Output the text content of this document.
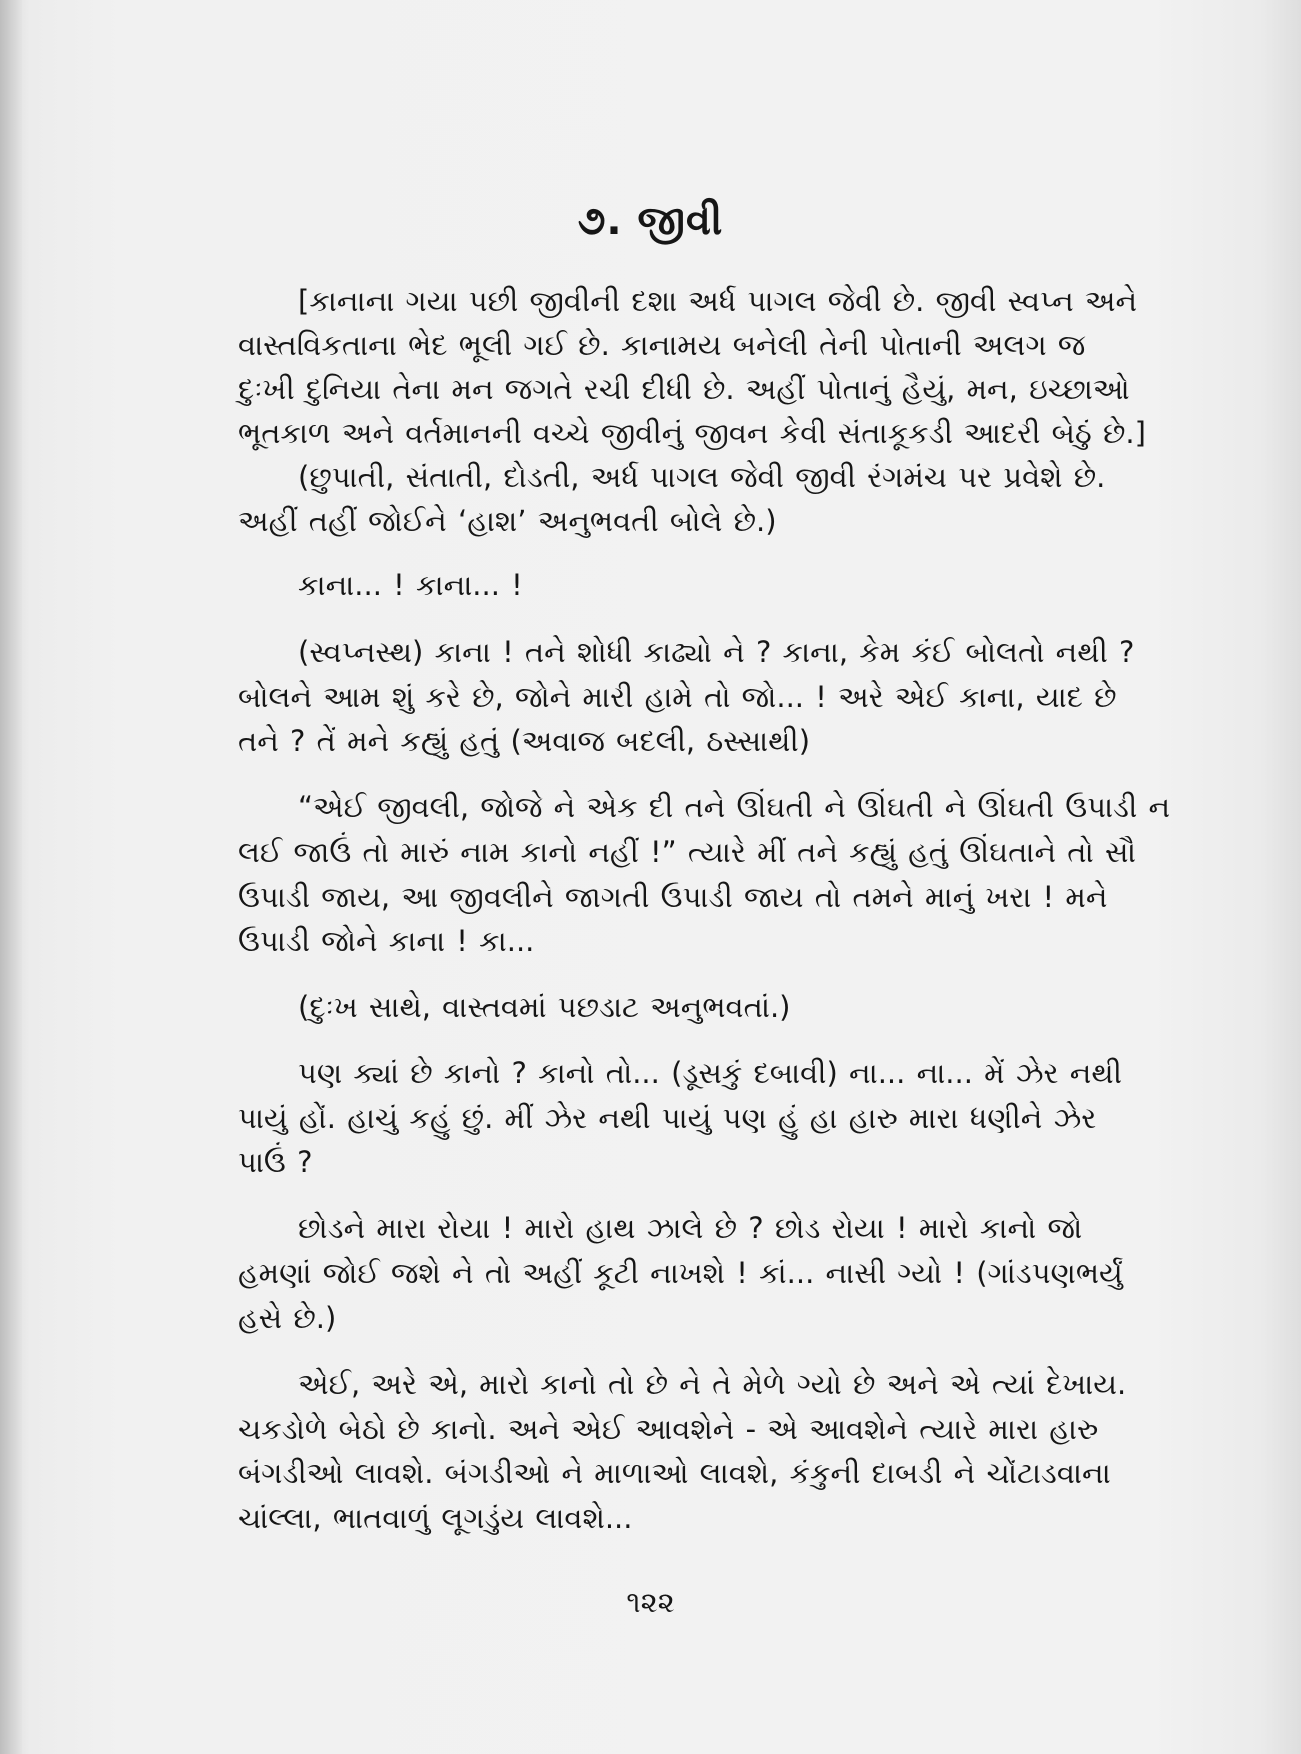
૭. જીવી
[કાનાના ગયા પછી જીવીની દશા અર્ધ પાગલ જેવી છે. જીવી સ્વપ્ન અને
વાસ્તવિકતાના ભેદ ભૂલી ગઈ છે. કાનામય બનેલી તેની પોતાની અલગ જ
દુઃખી દુનિયા તેના મન જગતે રચી દીધી છે. અહીં પોતાનું હૈયું, મન, ઇચ્છાઓ
ભૂતકાળ અને વર્તમાનની વચ્ચે જીવીનું જીવન કેવી સંતાકૂકડી આદરી બેઠું છે.]
(છુપાતી, સંતાતી, દોડતી, અર્ધ પાગલ જેવી જીવી રંગમંચ પર પ્રવેશે છે.
અહીં તહીં જોઈને ‘હાશ’ અનુભવતી બોલે છે.)
કાના... ! કાના... !
(સ્વપ્નસ્થ) કાના ! તને શોધી કાઢ્યો ને ? કાના, કેમ કંઈ બોલતો નથી ?
બોલને આમ શું કરે છે, જોને મારી હામે તો જો... ! અરે એઈ કાના, યાદ છે
તને ? તેં મને કહ્યું હતું (અવાજ બદલી, ઠસ્સાથી)
“એઈ જીવલી, જોજે ને એક દી તને ઊંઘતી ને ઊંઘતી ને ઊંઘતી ઉપાડી ન
લઈ જાઉં તો મારું નામ કાનો નહીં !” ત્યારે મીં તને કહ્યું હતું ઊંઘતાને તો સૌ
ઉપાડી જાય, આ જીવલીને જાગતી ઉપાડી જાય તો તમને માનું ખરા ! મને
ઉપાડી જોને કાના ! કા...
(દુઃખ સાથે, વાસ્તવમાં પછડાટ અનુભવતાં.)
પણ ક્યાં છે કાનો ? કાનો તો... (ડૂસકું દબાવી) ના... ના... મેં ઝેર નથી
પાયું હોં. હાચું કહું છું. મીં ઝેર નથી પાયું પણ હું હા હારુ મારા ધણીને ઝેર
પાઉં ?
છોડને મારા રોયા ! મારો હાથ ઝાલે છે ? છોડ રોયા ! મારો કાનો જો
હમણાં જોઈ જશે ને તો અહીં કૂટી નાખશે ! કાં... નાસી ગ્યો ! (ગાંડપણભર્યું
હસે છે.)
એઈ, અરે એ, મારો કાનો તો છે ને તે મેળે ગ્યો છે અને એ ત્યાં દેખાય.
ચકડોળે બેઠો છે કાનો. અને એઈ આવશેને - એ આવશેને ત્યારે મારા હારુ
બંગડીઓ લાવશે. બંગડીઓ ને માળાઓ લાવશે, કંકુની દાબડી ને ચોંટાડવાના
ચાંલ્લા, ભાતવાળું લૂગડુંય લાવશે...
૧૨૨
